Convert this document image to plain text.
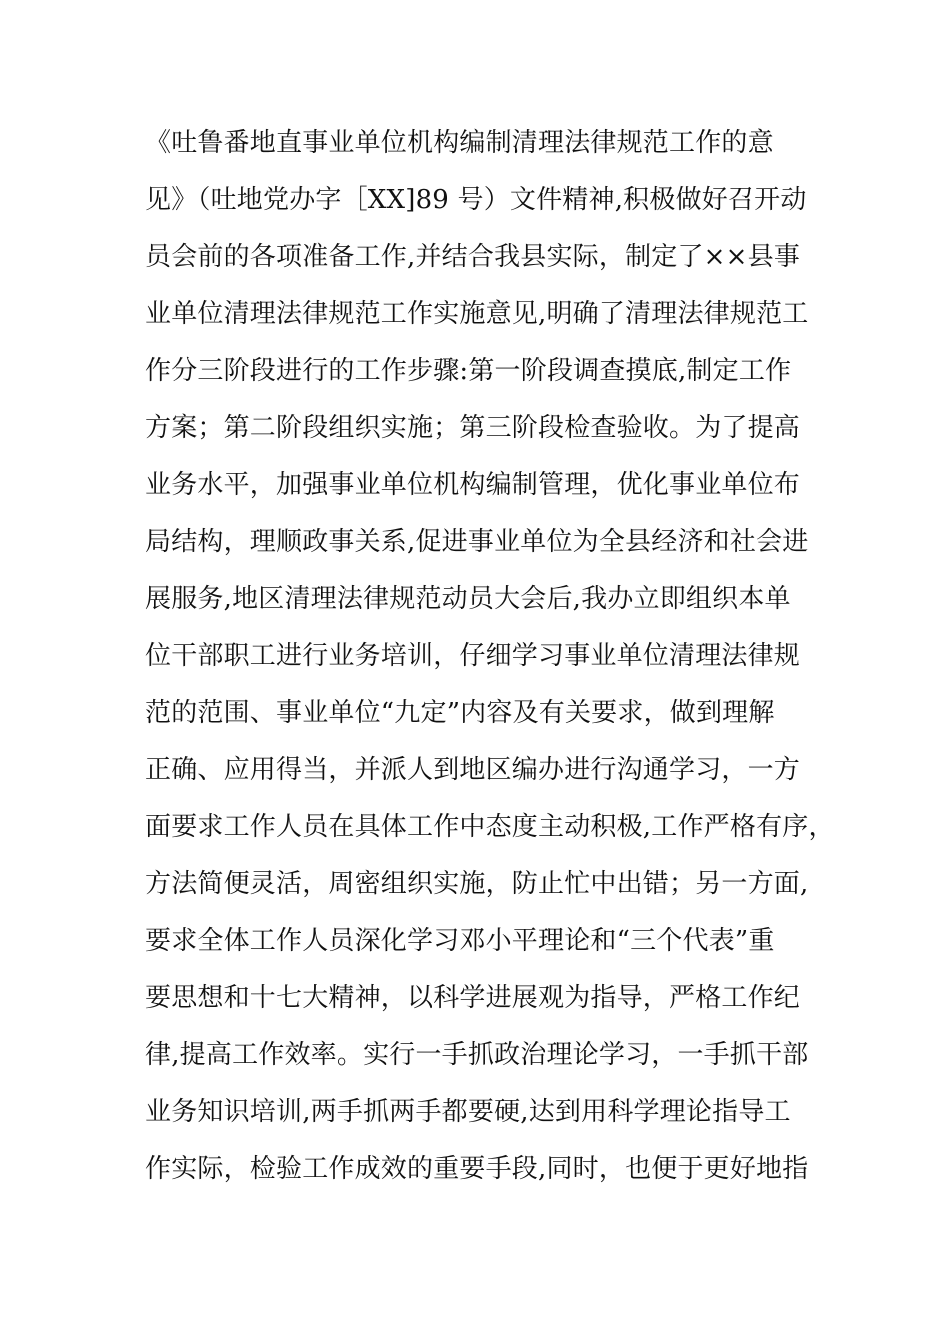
《吐鲁番地直事业单位机构编制清理法律规范工作的意
见》（吐地党办字［XX]89 号）文件精神,积极做好召开动
员会前的各项准备工作,并结合我县实际，制定了××县事
业单位清理法律规范工作实施意见,明确了清理法律规范工
作分三阶段进行的工作步骤:第一阶段调查摸底,制定工作
方案；第二阶段组织实施；第三阶段检查验收。为了提高
业务水平，加强事业单位机构编制管理，优化事业单位布
局结构，理顺政事关系,促进事业单位为全县经济和社会进
展服务,地区清理法律规范动员大会后,我办立即组织本单
位干部职工进行业务培训，仔细学习事业单位清理法律规
范的范围、事业单位“九定”内容及有关要求，做到理解
正确、应用得当，并派人到地区编办进行沟通学习，一方
面要求工作人员在具体工作中态度主动积极,工作严格有序，
方法简便灵活，周密组织实施，防止忙中出错；另一方面,
要求全体工作人员深化学习邓小平理论和“三个代表”重
要思想和十七大精神，以科学进展观为指导，严格工作纪
律,提高工作效率。实行一手抓政治理论学习，一手抓干部
业务知识培训,两手抓两手都要硬,达到用科学理论指导工
作实际，检验工作成效的重要手段,同时，也便于更好地指
